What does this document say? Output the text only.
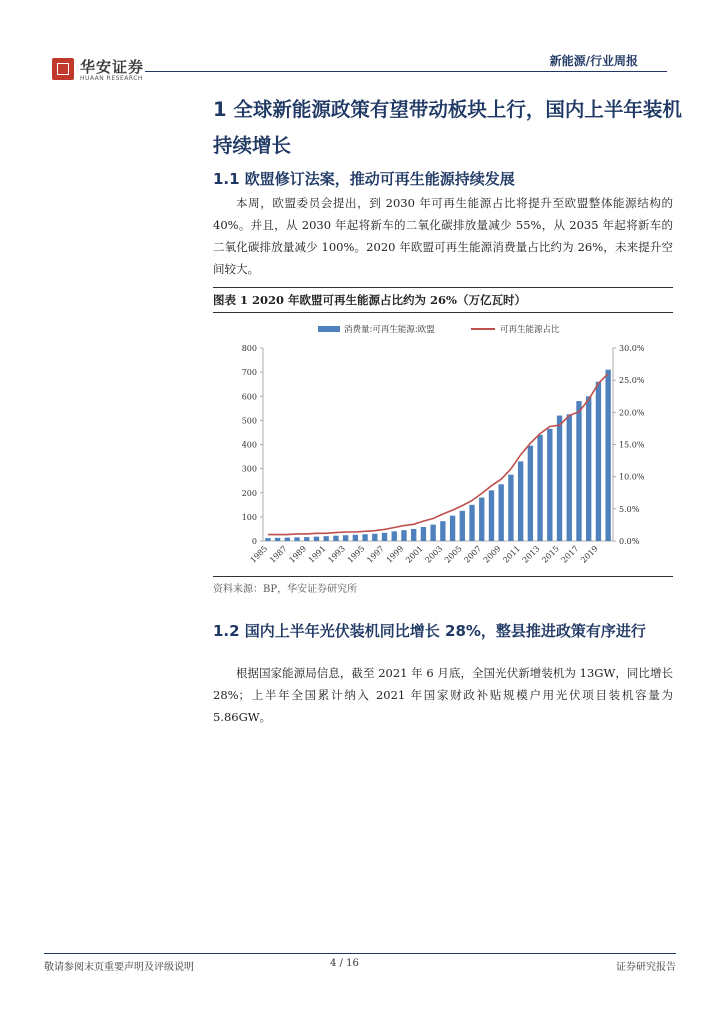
华安证券
HUAAN RESEARCH
新能源/行业周报
1 全球新能源政策有望带动板块上行，国内上半年装机持续增长
1.1 欧盟修订法案，推动可再生能源持续发展
本周，欧盟委员会提出，到 2030 年可再生能源占比将提升至欧盟整体能源结构的 40%。并且，从 2030 年起将新车的二氧化碳排放量减少 55%，从 2035 年起将新车的二氧化碳排放量减少 100%。2020 年欧盟可再生能源消费量占比约为 26%，未来提升空间较大。
图表 1 2020 年欧盟可再生能源占比约为 26%（万亿瓦时）
消费量:可再生能源:欧盟	可再生能源占比
0
100
200
300
400
500
600
700
800
0.0%
5.0%
10.0%
15.0%
20.0%
25.0%
30.0%
1985
1987
1989
1991
1993
1995
1997
1999
2001
2003
2005
2007
2009
2011
2013
2015
2017
2019
资料来源：BP，华安证券研究所
1.2 国内上半年光伏装机同比增长 28%，整县推进政策有序进行
根据国家能源局信息，截至 2021 年 6 月底，全国光伏新增装机为 13GW，同比增长 28%；上半年全国累计纳入 2021 年国家财政补贴规模户用光伏项目装机容量为 5.86GW。
敬请参阅末页重要声明及评级说明	4 / 16	证券研究报告
